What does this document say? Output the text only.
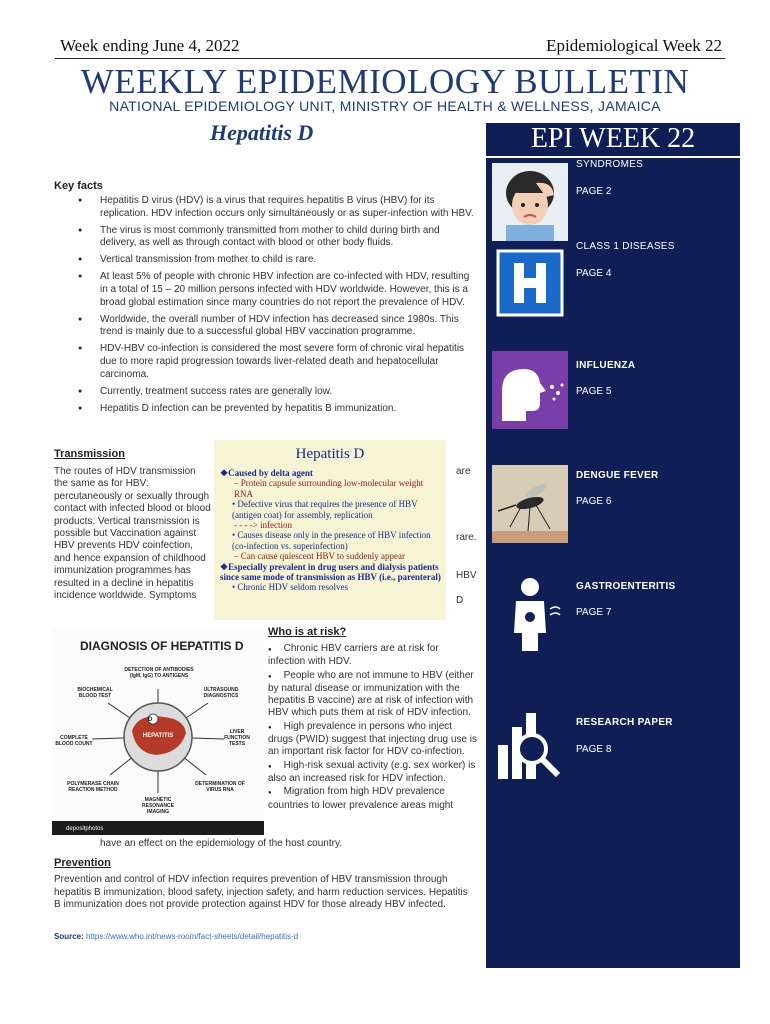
Week ending June 4, 2022	Epidemiological Week 22
WEEKLY EPIDEMIOLOGY BULLETIN
NATIONAL EPIDEMIOLOGY UNIT, MINISTRY OF HEALTH & WELLNESS, JAMAICA
Hepatitis D	EPI WEEK 22
SYNDROMES
PAGE 2
CLASS 1 DISEASES
PAGE 4
INFLUENZA
PAGE 5
DENGUE FEVER
PAGE 6
GASTROENTERITIS
PAGE 7
RESEARCH PAPER
PAGE 8
Key facts
● Hepatitis D virus (HDV) is a virus that requires hepatitis B virus (HBV) for its replication. HDV infection occurs only simultaneously or as super-infection with HBV.
● The virus is most commonly transmitted from mother to child during birth and delivery, as well as through contact with blood or other body fluids.
● Vertical transmission from mother to child is rare.
● At least 5% of people with chronic HBV infection are co-infected with HDV, resulting in a total of 15 – 20 million persons infected with HDV worldwide. However, this is a broad global estimation since many countries do not report the prevalence of HDV.
● Worldwide, the overall number of HDV infection has decreased since 1980s. This trend is mainly due to a successful global HBV vaccination programme.
● HDV-HBV co-infection is considered the most severe form of chronic viral hepatitis due to more rapid progression towards liver-related death and hepatocellular carcinoma.
● Currently, treatment success rates are generally low.
● Hepatitis D infection can be prevented by hepatitis B immunization.
Transmission
The routes of HDV transmission the same as for HBV: percutaneously or sexually through contact with infected blood or blood products. Vertical transmission is possible but Vaccination against HBV prevents HDV coinfection, and hence expansion of childhood immunization programmes has resulted in a decline in hepatitis incidence worldwide. Symptoms
are
rare.
HBV
D
Hepatitis D
❖Caused by delta agent
– Protein capsule surrounding low-molecular weight RNA
• Defective virus that requires the presence of HBV (antigen coat) for assembly, replication
- - - -> infection
• Causes disease only in the presence of HBV infection (co-infection vs. superinfection)
– Can cause quiescent HBV to suddenly appear
❖Especially prevalent in drug users and dialysis patients since same mode of transmission as HBV (i.e., parenteral)
• Chronic HDV seldom resolves
DIAGNOSIS OF HEPATITIS D
D
HEPATITIS
DETECTION OF ANTIBODIES (IgM, IgG) TO ANTIGENS
BIOCHEMICAL BLOOD TEST
ULTRASOUND DIAGNOSTICS
COMPLETE BLOOD COUNT
LIVER FUNCTION TESTS
POLYMERASE CHAIN REACTION METHOD
DETERMINATION OF VIRUS RNA
MAGNETIC RESONANCE IMAGING
depositphotos
Who is at risk?
● Chronic HBV carriers are at risk for infection with HDV.
● People who are not immune to HBV (either by natural disease or immunization with the hepatitis B vaccine) are at risk of infection with HBV which puts them at risk of HDV infection.
● High prevalence in persons who inject drugs (PWID) suggest that injecting drug use is an important risk factor for HDV co-infection.
● High-risk sexual activity (e.g. sex worker) is also an increased risk for HDV infection.
● Migration from high HDV prevalence countries to lower prevalence areas might
have an effect on the epidemiology of the host country.
Prevention
Prevention and control of HDV infection requires prevention of HBV transmission through hepatitis B immunization, blood safety, injection safety, and harm reduction services. Hepatitis B immunization does not provide protection against HDV for those already HBV infected.
Source: https://www.who.int/news-room/fact-sheets/detail/hepatitis-d
